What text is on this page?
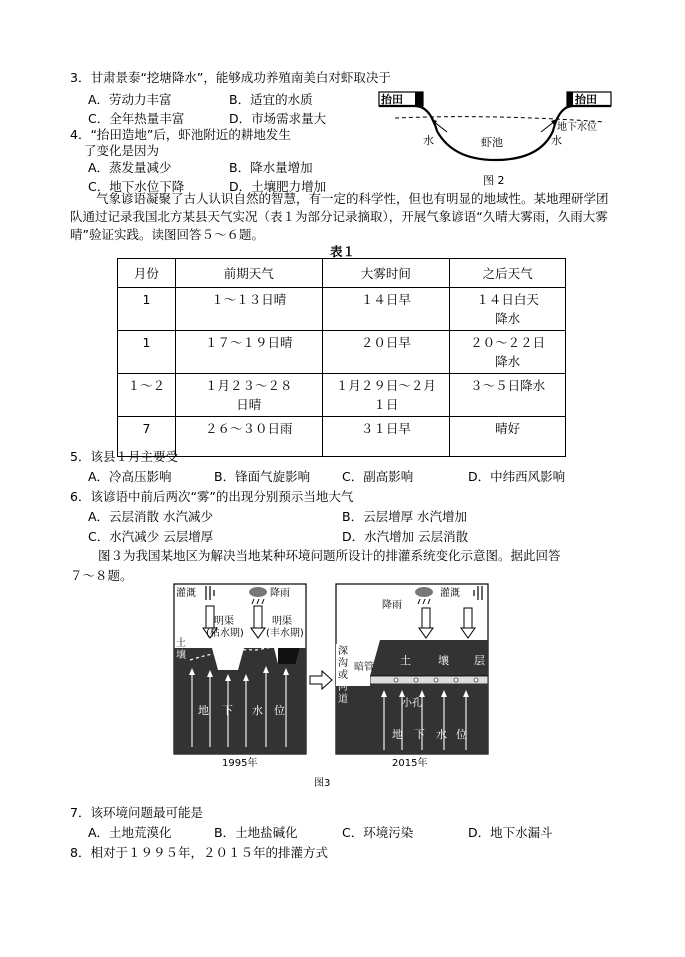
3．甘肃景泰“挖塘降水”，能够成功养殖南美白对虾取决于
A．劳动力丰富	B．适宜的水质
C．全年热量丰富	D．市场需求量大
4．“抬田造地”后，虾池附近的耕地发生
了变化是因为
A．蒸发量减少	B．降水量增加
C．地下水位下降	D．土壤肥力增加
抬田	抬田
水	虾池	水
地下水位
图 2
气象谚语凝聚了古人认识自然的智慧，有一定的科学性，但也有明显的地域性。某地理研学团队通过记录我国北方某县天气实况（表１为部分记录摘取），开展气象谚语“久晴大雾雨，久雨大雾晴”验证实践。读图回答５～６题。
表１
月份	前期天气	大雾时间	之后天气
1	１～１３日晴	１４日早	１４日白天降水
1	１７～１９日晴	２０日早	２０～２２日降水
１～２	１月２３～２８日晴	１月２９日～２月１日	３～５日降水
7	２６～３０日雨	３１日早	晴好
5．该县１月主要受
A．冷高压影响	B．锋面气旋影响	C．副高影响	D．中纬西风影响
6．该谚语中前后两次“雾”的出现分别预示当地大气
A．云层消散 水汽减少	B．云层增厚 水汽增加
C．水汽减少 云层增厚	D．水汽增加 云层消散
图３为我国某地区为解决当地某种环境问题所设计的排灌系统变化示意图。据此回答
７～８题。
灌溉	降雨
明渠
(枯水期)
明渠
(丰水期)
土
壤
地 下 水 位
1995年
降雨
灌溉
深
沟
或
河
道
暗管
土 壤 层
小孔
地 下 水 位
2015年
图3
7．该环境问题最可能是
A．土地荒漠化	B．土地盐碱化	C．环境污染	D．地下水漏斗
8．相对于１９９５年，２０１５年的排灌方式
